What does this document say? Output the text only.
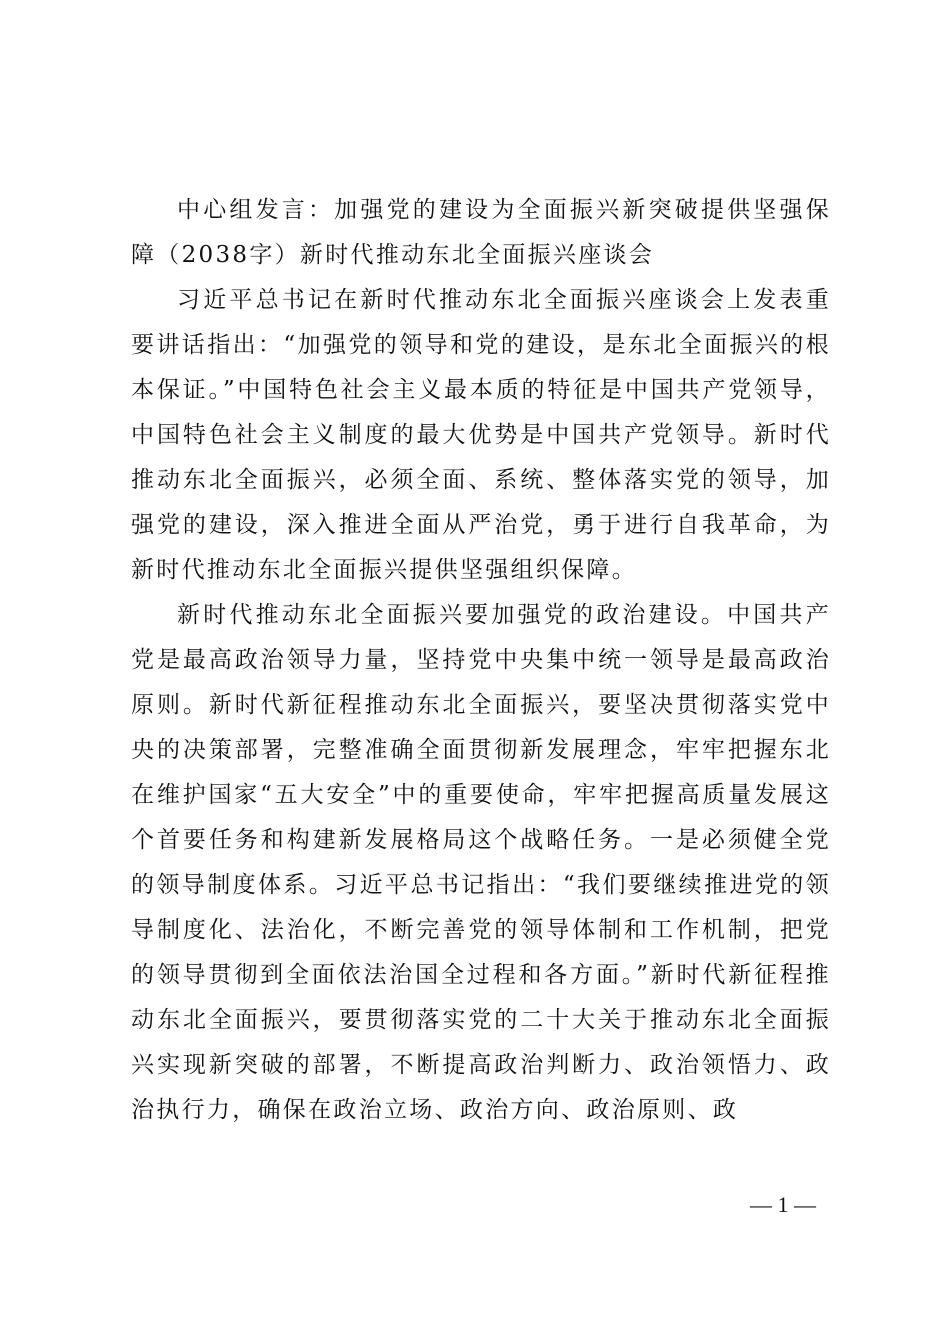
中心组发言：加强党的建设为全面振兴新突破提供坚强保障（2038字）新时代推动东北全面振兴座谈会

习近平总书记在新时代推动东北全面振兴座谈会上发表重要讲话指出：“加强党的领导和党的建设，是东北全面振兴的根本保证。”中国特色社会主义最本质的特征是中国共产党领导，中国特色社会主义制度的最大优势是中国共产党领导。新时代推动东北全面振兴，必须全面、系统、整体落实党的领导，加强党的建设，深入推进全面从严治党，勇于进行自我革命，为新时代推动东北全面振兴提供坚强组织保障。

新时代推动东北全面振兴要加强党的政治建设。中国共产党是最高政治领导力量，坚持党中央集中统一领导是最高政治原则。新时代新征程推动东北全面振兴，要坚决贯彻落实党中央的决策部署，完整准确全面贯彻新发展理念，牢牢把握东北在维护国家“五大安全”中的重要使命，牢牢把握高质量发展这个首要任务和构建新发展格局这个战略任务。一是必须健全党的领导制度体系。习近平总书记指出：“我们要继续推进党的领导制度化、法治化，不断完善党的领导体制和工作机制，把党的领导贯彻到全面依法治国全过程和各方面。”新时代新征程推动东北全面振兴，要贯彻落实党的二十大关于推动东北全面振兴实现新突破的部署，不断提高政治判断力、政治领悟力、政治执行力，确保在政治立场、政治方向、政治原则、政

— 1 —
